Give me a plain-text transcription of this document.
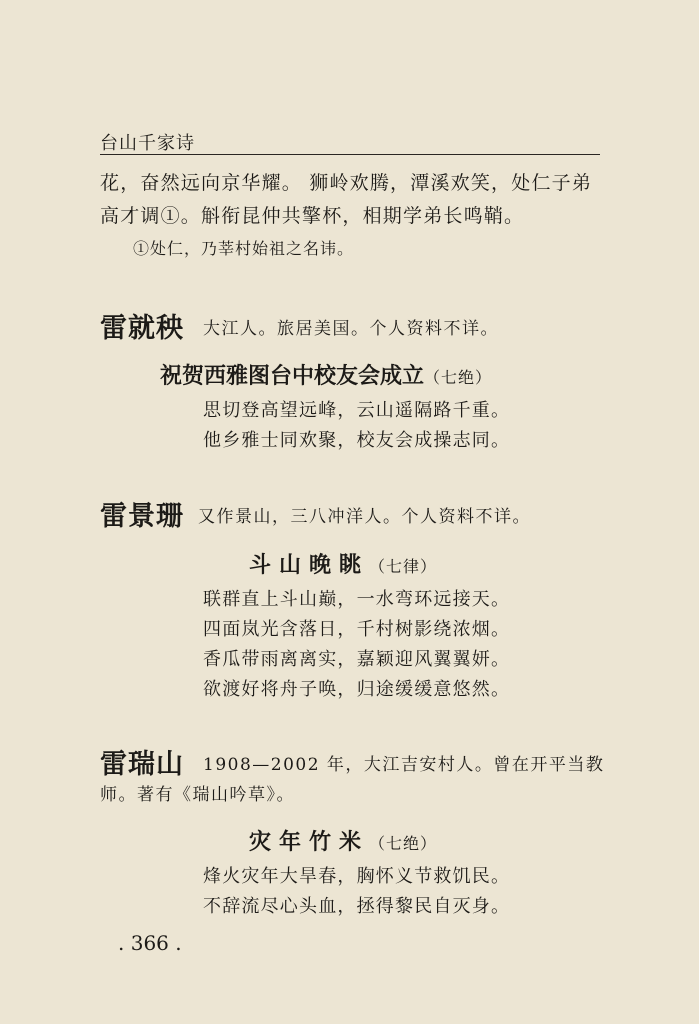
台山千家诗
花，奋然远向京华耀。 狮岭欢腾，潭溪欢笑，处仁子弟
高才调①。斛衔昆仲共擎杯，相期学弟长鸣鞘。
①处仁，乃莘村始祖之名讳。
雷就秧 大江人。旅居美国。个人资料不详。
祝贺西雅图台中校友会成立（七绝）
思切登高望远峰，云山遥隔路千重。
他乡雅士同欢聚，校友会成操志同。
雷景珊 又作景山，三八冲洋人。个人资料不详。
斗山晚眺（七律）
联群直上斗山巅，一水弯环远接天。
四面岚光含落日，千村树影绕浓烟。
香瓜带雨离离实，嘉颖迎风翼翼妍。
欲渡好将舟子唤，归途缓缓意悠然。
雷瑞山 1908—2002 年，大江吉安村人。曾在开平当教
师。著有《瑞山吟草》。
灾年竹米（七绝）
烽火灾年大旱春，胸怀义节救饥民。
不辞流尽心头血，拯得黎民自灭身。
. 366 .
